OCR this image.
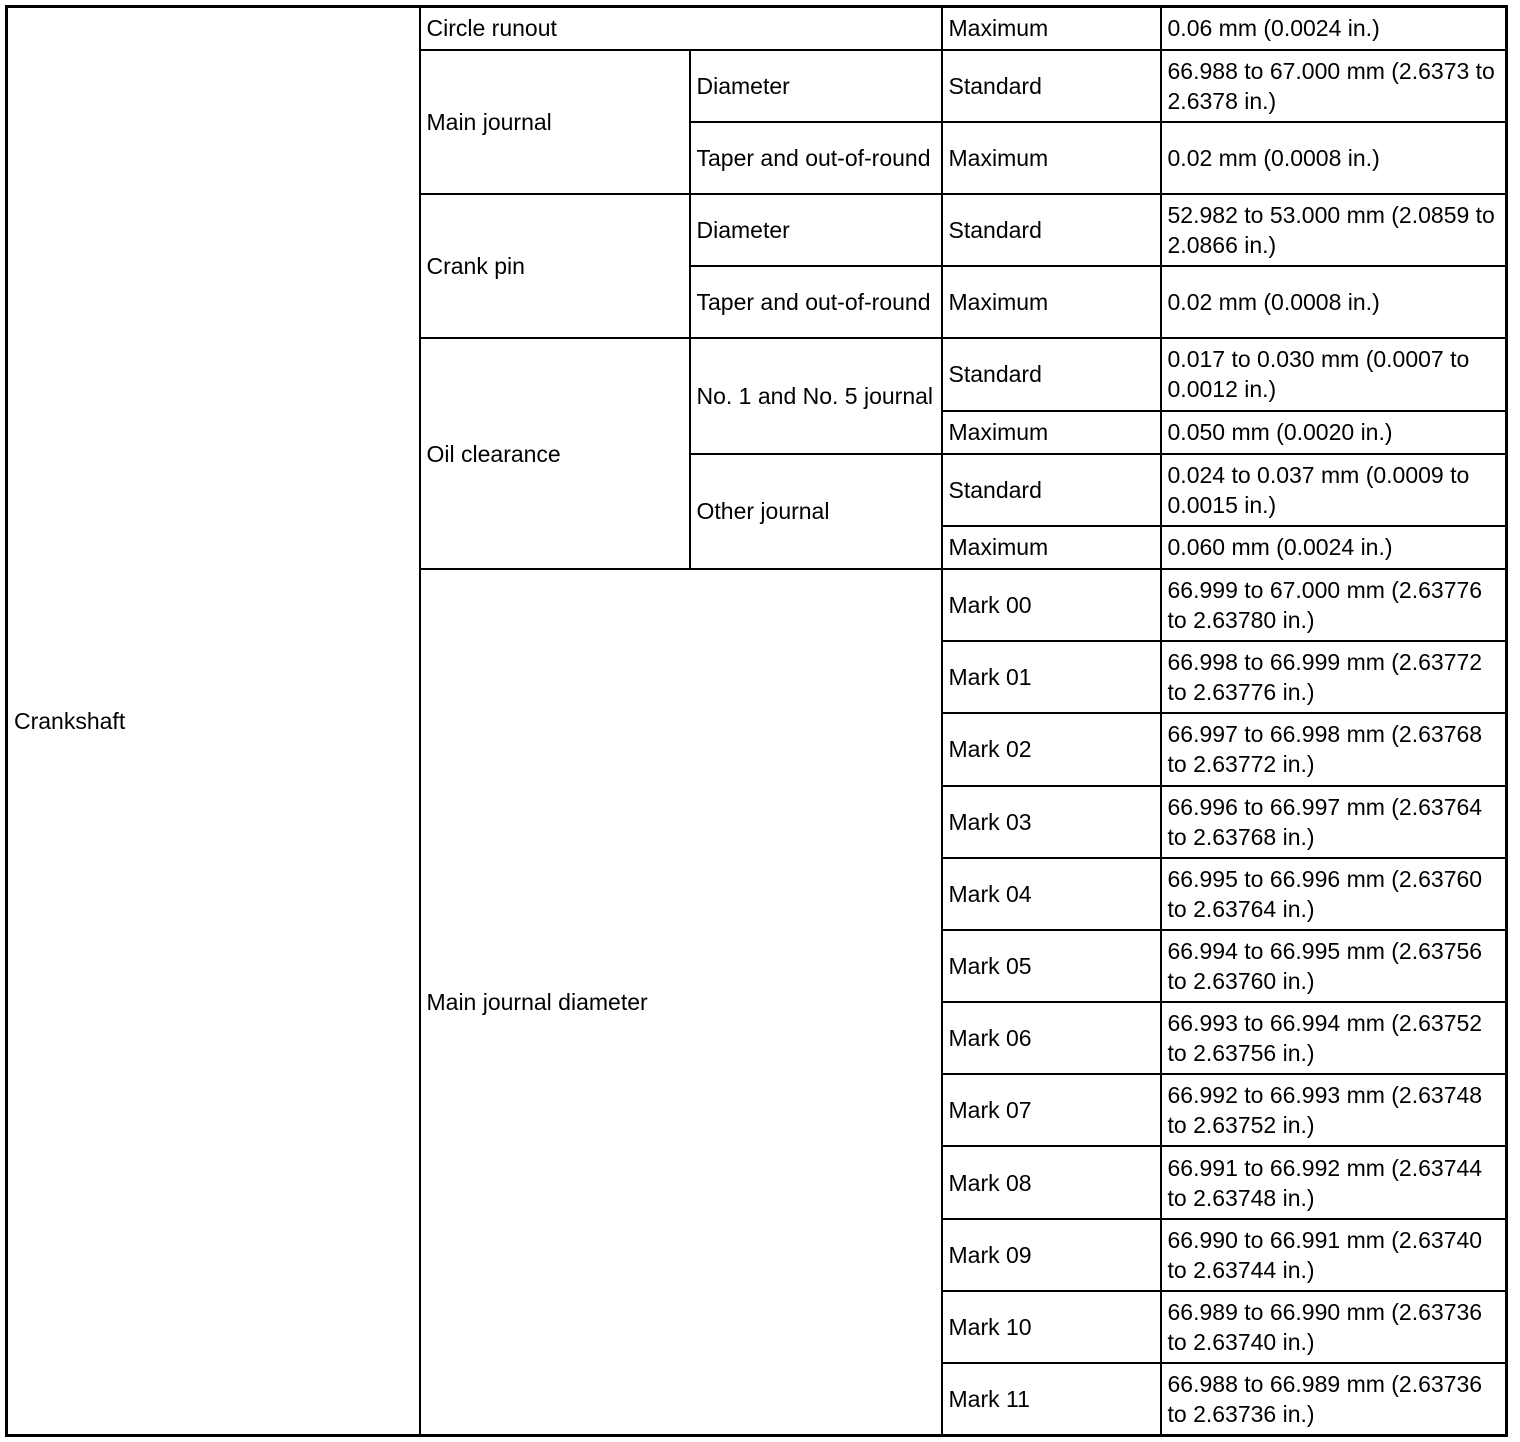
Crankshaft	Circle runout		Maximum	0.06 mm (0.0024 in.)
	Main journal	Diameter	Standard	66.988 to 67.000 mm (2.6373 to 2.6378 in.)
		Taper and out-of-round	Maximum	0.02 mm (0.0008 in.)
	Crank pin	Diameter	Standard	52.982 to 53.000 mm (2.0859 to 2.0866 in.)
		Taper and out-of-round	Maximum	0.02 mm (0.0008 in.)
	Oil clearance	No. 1 and No. 5 journal	Standard	0.017 to 0.030 mm (0.0007 to 0.0012 in.)
			Maximum	0.050 mm (0.0020 in.)
		Other journal	Standard	0.024 to 0.037 mm (0.0009 to 0.0015 in.)
			Maximum	0.060 mm (0.0024 in.)
	Main journal diameter		Mark 00	66.999 to 67.000 mm (2.63776 to 2.63780 in.)
			Mark 01	66.998 to 66.999 mm (2.63772 to 2.63776 in.)
			Mark 02	66.997 to 66.998 mm (2.63768 to 2.63772 in.)
			Mark 03	66.996 to 66.997 mm (2.63764 to 2.63768 in.)
			Mark 04	66.995 to 66.996 mm (2.63760 to 2.63764 in.)
			Mark 05	66.994 to 66.995 mm (2.63756 to 2.63760 in.)
			Mark 06	66.993 to 66.994 mm (2.63752 to 2.63756 in.)
			Mark 07	66.992 to 66.993 mm (2.63748 to 2.63752 in.)
			Mark 08	66.991 to 66.992 mm (2.63744 to 2.63748 in.)
			Mark 09	66.990 to 66.991 mm (2.63740 to 2.63744 in.)
			Mark 10	66.989 to 66.990 mm (2.63736 to 2.63740 in.)
			Mark 11	66.988 to 66.989 mm (2.63736 to 2.63736 in.)
